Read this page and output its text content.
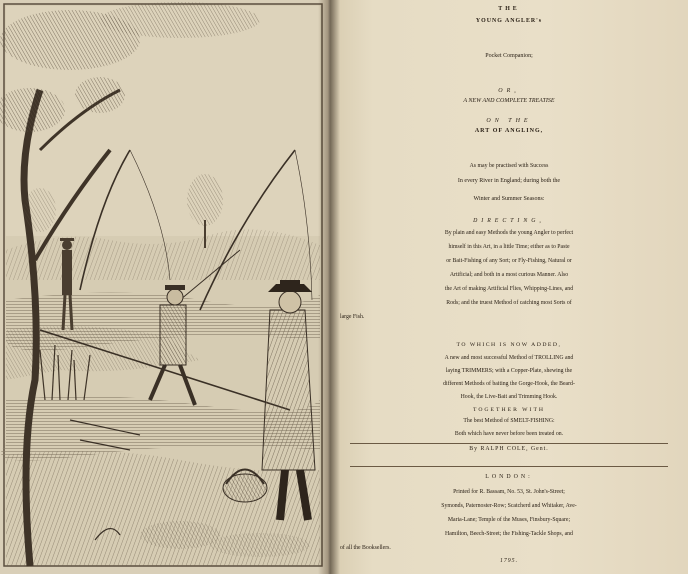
THE

YOUNG ANGLER's

Pocket Companion;

OR,

A NEW AND COMPLETE TREATISE

ON THE

ART OF ANGLING,

As may be practised with Success

In every River in England; during both the

Winter and Summer Seasons:

DIRECTING,

By plain and easy Methods the young Angler to perfect

himself in this Art, in a little Time; either as to Paste

or Bait-Fishing of any Sort; or Fly-Fishing, Natural or

Artificial; and both in a most curious Manner. Also

the Art of making Artificial Flies, Whipping-Lines, and

Rods; and the truest Method of catching most Sorts of

large Fish.

TO WHICH IS NOW ADDED,

A new and most successful Method of TROLLING and

laying TRIMMERS; with a Copper-Plate, shewing the

different Methods of baiting the Gorge-Hook, the Beard-

Hook, the Live-Bait and Trimming Hook.

TOGETHER WITH

The best Method of SMELT-FISHING:

Both which have never before been treated on.

By RALPH COLE, Gent.

LONDON:

Printed for R. Bassam, No. 53, St. John's-Street;

Symonds, Paternoster-Row; Scatcherd and Whitaker, Ave-

Maria-Lane; Temple of the Muses, Finsbury-Square;

Hamilton, Beech-Street; the Fishing-Tackle Shops, and

of all the Booksellers.

1795.
